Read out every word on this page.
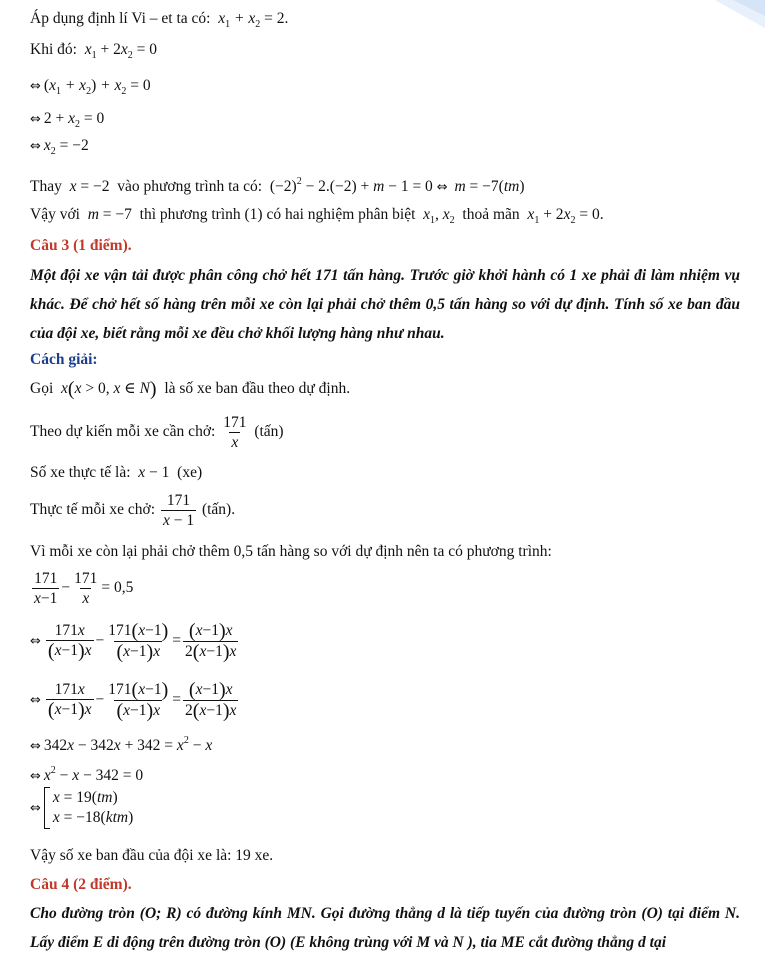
Áp dụng định lí Vi – et ta có:  $x_1 + x_2 = 2$.
Khi đó:  $x_1 + 2x_2 = 0$
⇔ $(x_1 + x_2) + x_2 = 0$
⇔ $2 + x_2 = 0$
⇔ $x_2 = -2$
Thay  x = −2 vào phương trình ta có: $(-2)^2 - 2.(-2) + m - 1 = 0$ ⇔ m = −7(tm)
Vậy với  m = −7 thì phương trình (1) có hai nghiệm phân biệt  $x_1$, $x_2$ thoả mãn  $x_1 + 2x_2 = 0$.
Câu 3 (1 điểm).
Một đội xe vận tải được phân công chở hết 171 tấn hàng. Trước giờ khởi hành có 1 xe phải đi làm nhiệm vụ khác. Để chở hết số hàng trên mỗi xe còn lại phải chở thêm 0,5 tấn hàng so với dự định. Tính số xe ban đầu của đội xe, biết rằng mỗi xe đều chở khối lượng hàng như nhau.
Cách giải:
Gọi  x(x > 0, x ∈ N) là số xe ban đầu theo dự định.
Theo dự kiến mỗi xe cần chở: $\frac{171}{x}$ (tấn)
Số xe thực tế là:  x − 1 (xe)
Thực tế mỗi xe chở: $\frac{171}{x - 1}$ (tấn).
Vì mỗi xe còn lại phải chở thêm 0,5 tấn hàng so với dự định nên ta có phương trình:
$\frac{171}{x-1} - \frac{171}{x} = 0,5$
⇔ $\frac{171x}{(x-1)x} - \frac{171(x-1)}{(x-1)x} = \frac{(x-1)x}{2(x-1)x}$
⇔ $\frac{171x}{(x-1)x} - \frac{171(x-1)}{(x-1)x} = \frac{(x-1)x}{2(x-1)x}$
⇔ $342x - 342x + 342 = x^2 - x$
⇔ $x^2 - x - 342 = 0$
⇔
x = 19(tm)
x = −18(ktm)
Vậy số xe ban đầu của đội xe là: 19 xe.
Câu 4 (2 điểm).
Cho đường tròn (O; R) có đường kính MN. Gọi đường thẳng d là tiếp tuyến của đường tròn (O) tại điểm N. Lấy điểm E di động trên đường tròn (O) (E không trùng với M và N ), tia ME cắt đường thẳng d tại
